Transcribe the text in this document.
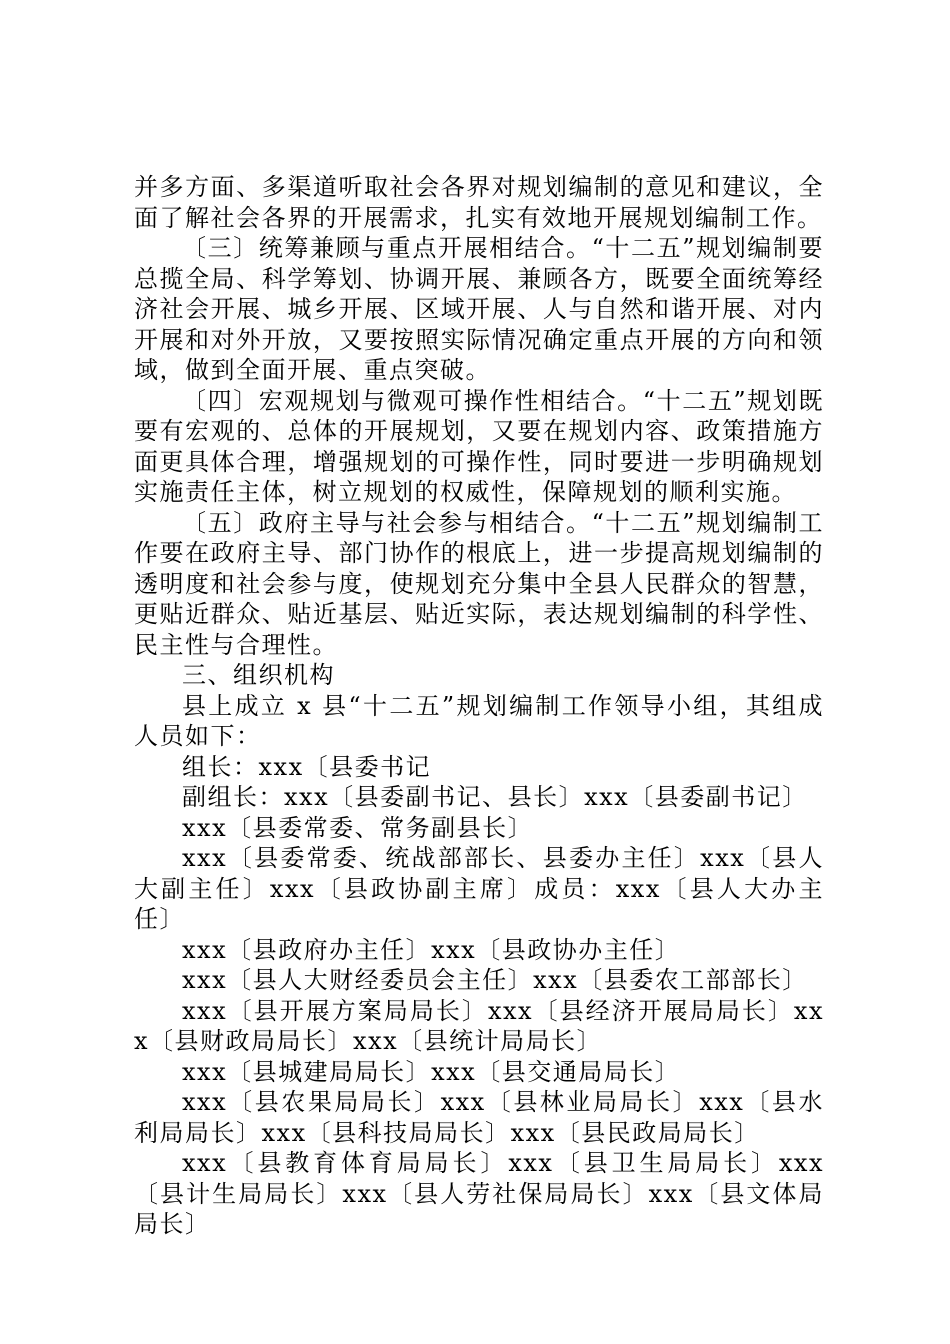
并多方面、多渠道听取社会各界对规划编制的意见和建议，全面了解社会各界的开展需求，扎实有效地开展规划编制工作。

〔三〕统筹兼顾与重点开展相结合。“十二五”规划编制要总揽全局、科学筹划、协调开展、兼顾各方，既要全面统筹经济社会开展、城乡开展、区域开展、人与自然和谐开展、对内开展和对外开放，又要按照实际情况确定重点开展的方向和领域，做到全面开展、重点突破。

〔四〕宏观规划与微观可操作性相结合。“十二五”规划既要有宏观的、总体的开展规划，又要在规划内容、政策措施方面更具体合理，增强规划的可操作性，同时要进一步明确规划实施责任主体，树立规划的权威性，保障规划的顺利实施。

〔五〕政府主导与社会参与相结合。“十二五”规划编制工作要在政府主导、部门协作的根底上，进一步提高规划编制的透明度和社会参与度，使规划充分集中全县人民群众的智慧，更贴近群众、贴近基层、贴近实际，表达规划编制的科学性、民主性与合理性。

三、组织机构

县上成立 x 县“十二五”规划编制工作领导小组，其组成人员如下：

组长：xxx〔县委书记

副组长：xxx〔县委副书记、县长〕xxx〔县委副书记〕

xxx〔县委常委、常务副县长〕

xxx〔县委常委、统战部部长、县委办主任〕xxx〔县人大副主任〕xxx〔县政协副主席〕成员：xxx〔县人大办主任〕

xxx〔县政府办主任〕xxx〔县政协办主任〕

xxx〔县人大财经委员会主任〕xxx〔县委农工部部长〕

xxx〔县开展方案局局长〕xxx〔县经济开展局局长〕xxx〔县财政局局长〕xxx〔县统计局局长〕

xxx〔县城建局局长〕xxx〔县交通局局长〕

xxx〔县农果局局长〕xxx〔县林业局局长〕xxx〔县水利局局长〕xxx〔县科技局局长〕xxx〔县民政局局长〕

xxx〔县教育体育局局长〕xxx〔县卫生局局长〕xxx〔县计生局局长〕xxx〔县人劳社保局局长〕xxx〔县文体局局长〕
